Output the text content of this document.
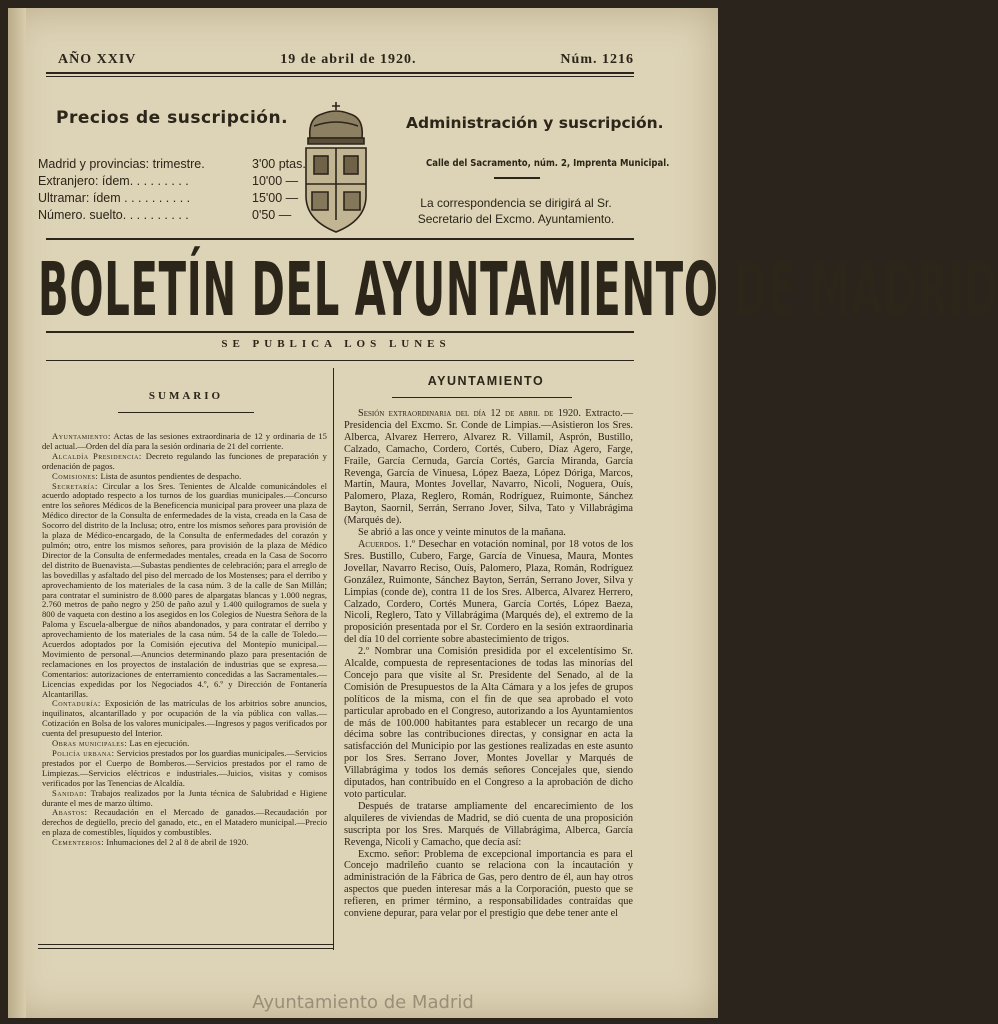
AÑO XXIV	19 de abril de 1920.	Núm. 1216
Precios de suscripción.
Madrid y provincias: trimestre.	3'00 ptas.
Extranjero: ídem. . . . . . . . .	10'00 —
Ultramar: ídem . . . . . . . . . .	15'00 —
Número. suelto. . . . . . . . . .	0'50 —
Administración y suscripción.
Calle del Sacramento, núm. 2, Imprenta Municipal.
La correspondencia se dirigirá al Sr. Secretario del Excmo. Ayuntamiento.
BOLETÍN DEL AYUNTAMIENTO DE MADRID
SE PUBLICA LOS LUNES
SUMARIO

Ayuntamiento: Actas de las sesiones extraordinaria de 12 y ordinaria de 15 del actual.—Orden del día para la sesión ordinaria de 21 del corriente.

Alcaldía Presidencia: Decreto regulando las funciones de preparación y ordenación de pagos.

Comisiones: Lista de asuntos pendientes de despacho.

Secretaría: Circular a los Sres. Tenientes de Alcalde comunicándoles el acuerdo adoptado respecto a los turnos de los guardias municipales.—Concurso entre los señores Médicos de la Beneficencia municipal para proveer una plaza de Médico director de la Consulta de enfermedades de la vista, creada en la Casa de Socorro del distrito de la Inclusa; otro, entre los mismos señores para provisión de la plaza de Médico-encargado, de la Consulta de enfermedades del corazón y pulmón; otro, entre los mismos señores, para provisión de la plaza de Médico Director de la Consulta de enfermedades mentales, creada en la Casa de Socorro del distrito de Buenavista.—Subastas pendientes de celebración; para el arreglo de las bovedillas y asfaltado del piso del mercado de los Mostenses; para el derribo y aprovechamiento de los materiales de la casa núm. 3 de la calle de San Millán; para contratar el suministro de 8.000 pares de alpargatas blancas y 1.000 negras, 2.760 metros de paño negro y 250 de paño azul y 1.400 quilogramos de suela y 800 de vaqueta con destino a los asegidos en los Colegios de Nuestra Señora de la Paloma y Escuela-albergue de niños abandonados, y para contratar el derribo y aprovechamiento de los materiales de la casa núm. 54 de la calle de Toledo.—Acuerdos adoptados por la Comisión ejecutiva del Montepío municipal.—Movimiento de personal.—Anuncios determinando plazo para presentación de reclamaciones en los proyectos de instalación de industrias que se expresa.—Comentarios: autorizaciones de enterramiento concedidas a las Sacramentales.—Licencias expedidas por los Negociados 4.º, 6.º y Dirección de Fontanería Alcantarillas.

Contaduría: Exposición de las matrículas de los arbitrios sobre anuncios, inquilinatos, alcantarillado y por ocupación de la vía pública con vallas.—Cotización en Bolsa de los valores municipales.—Ingresos y pagos verificados por cuenta del presupuesto del Interior.

Obras municipales: Las en ejecución.

Policía urbana: Servicios prestados por los guardias municipales.—Servicios prestados por el Cuerpo de Bomberos.—Servicios prestados por el ramo de Limpiezas.—Servicios eléctricos e industriales.—Juicios, visitas y comisos verificados por las Tenencias de Alcaldía.

Sanidad: Trabajos realizados por la Junta técnica de Salubridad e Higiene durante el mes de marzo último.

Abastos: Recaudación en el Mercado de ganados.—Recaudación por derechos de degüello, precio del ganado, etc., en el Matadero municipal.—Precio en plaza de comestibles, líquidos y combustibles.

Cementerios: Inhumaciones del 2 al 8 de abril de 1920.

AYUNTAMIENTO

Sesión extraordinaria del día 12 de abril de 1920. Extracto.—Presidencia del Excmo. Sr. Conde de Limpias.—Asistieron los Sres. Alberca, Alvarez Herrero, Alvarez R. Villamil, Asprón, Bustillo, Calzado, Camacho, Cordero, Cortés, Cubero, Díaz Agero, Farge, Fraile, García Cernuda, García Cortés, García Miranda, García Revenga, García de Vinuesa, López Baeza, López Dóriga, Marcos, Martín, Maura, Montes Jovellar, Navarro, Nicoli, Noguera, Ouís, Palomero, Plaza, Reglero, Román, Rodríguez, Ruimonte, Sánchez Bayton, Saornil, Serrán, Serrano Jover, Silva, Tato y Villabrágima (Marqués de).

Se abrió a las once y veinte minutos de la mañana.

Acuerdos. 1.º Desechar en votación nominal, por 18 votos de los Sres. Bustillo, Cubero, Farge, García de Vinuesa, Maura, Montes Jovellar, Navarro Reciso, Ouís, Palomero, Plaza, Román, Rodríguez González, Ruimonte, Sánchez Bayton, Serrán, Serrano Jover, Silva y Limpias (conde de), contra 11 de los Sres. Alberca, Alvarez Herrero, Calzado, Cordero, Cortés Munera, García Cortés, López Baeza, Nicoli, Reglero, Tato y Villabrágima (Marqués de), el extremo de la proposición presentada por el Sr. Cordero en la sesión extraordinaria del día 10 del corriente sobre abastecimiento de trigos.

2.º Nombrar una Comisión presidida por el excelentísimo Sr. Alcalde, compuesta de representaciones de todas las minorías del Concejo para que visite al Sr. Presidente del Senado, al de la Comisión de Presupuestos de la Alta Cámara y a los jefes de grupos políticos de la misma, con el fin de que sea aprobado el voto particular aprobado en el Congreso, autorizando a los Ayuntamientos de más de 100.000 habitantes para establecer un recargo de una décima sobre las contribuciones directas, y consignar en acta la satisfacción del Municipio por las gestiones realizadas en este asunto por los Sres. Serrano Jover, Montes Jovellar y Marqués de Villabrágima y todos los demás señores Concejales que, siendo diputados, han contribuído en el Congreso a la aprobación de dicho voto particular.

Después de tratarse ampliamente del encarecimiento de los alquileres de viviendas de Madrid, se dió cuenta de una proposición suscripta por los Sres. Marqués de Villabrágima, Alberca, García Revenga, Nicoli y Camacho, que decía así:

Excmo. señor: Problema de excepcional importancia es para el Concejo madrileño cuanto se relaciona con la incautación y administración de la Fábrica de Gas, pero dentro de él, aun hay otros aspectos que pueden interesar más a la Corporación, puesto que se refieren, en primer término, a responsabilidades contraídas que conviene depurar, para velar por el prestigio que debe tener ante el

Ayuntamiento de Madrid
